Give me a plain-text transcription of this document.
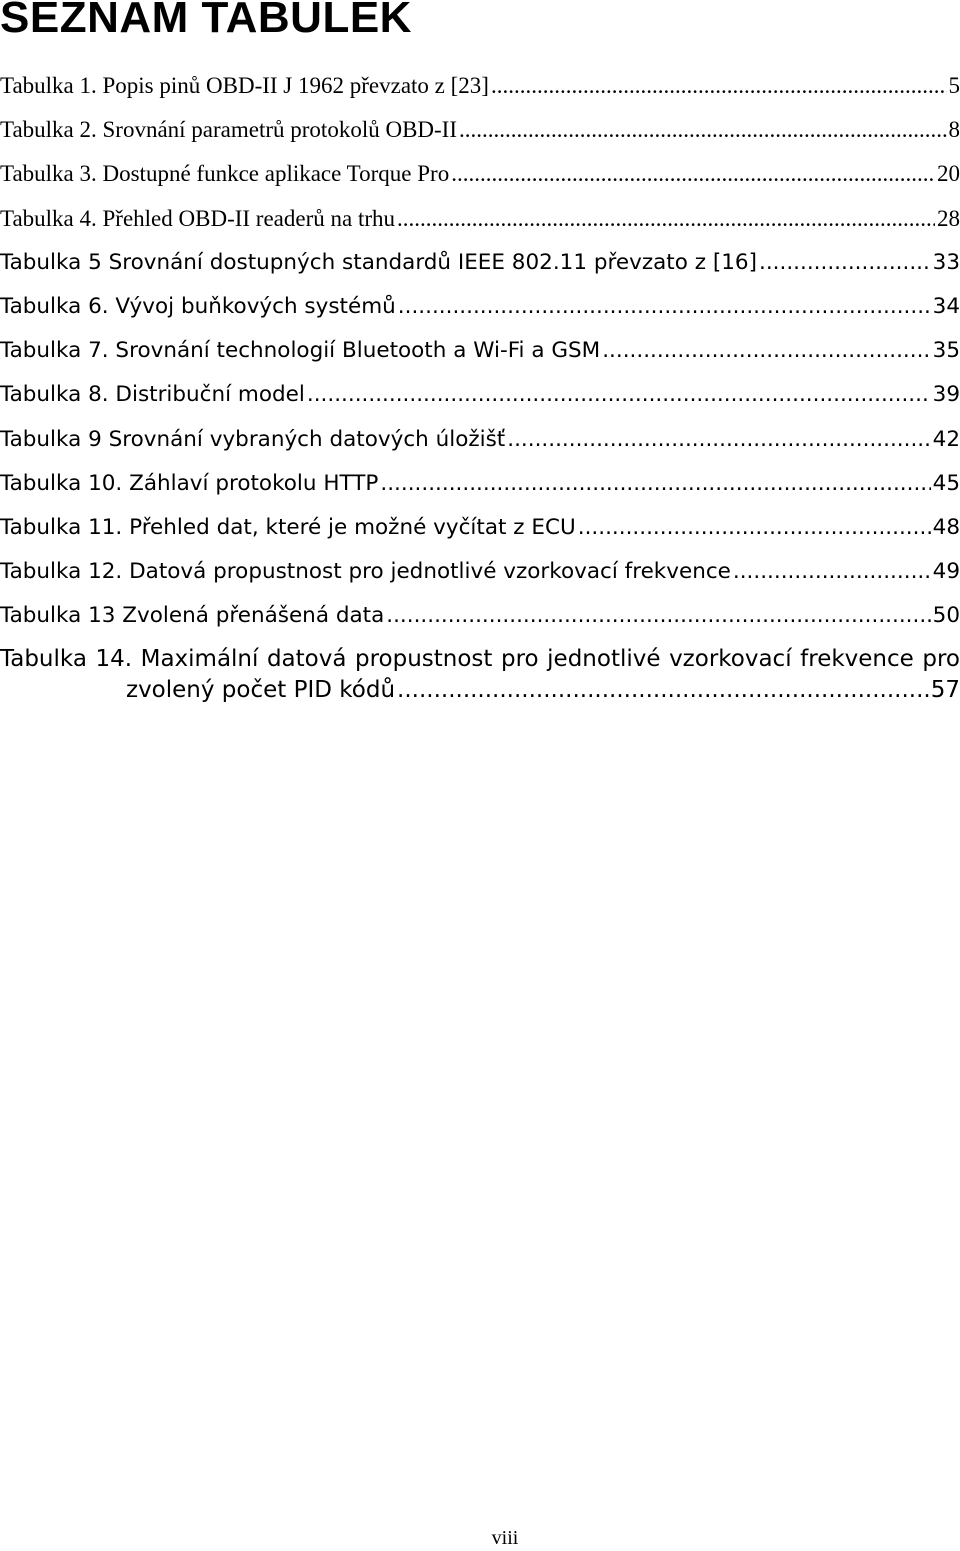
SEZNAM TABULEK
Tabulka 1. Popis pinů OBD-II J 1962 převzato z [23] .....	5
Tabulka 2. Srovnání parametrů protokolů OBD-II .....	8
Tabulka 3. Dostupné funkce aplikace Torque Pro .....	20
Tabulka 4. Přehled OBD-II readerů na trhu .....	28
Tabulka 5 Srovnání dostupných standardů IEEE 802.11 převzato z [16] .....	33
Tabulka 6. Vývoj buňkových systémů .....	34
Tabulka 7. Srovnání technologií Bluetooth a Wi-Fi a GSM .....	35
Tabulka 8. Distribuční model .....	39
Tabulka 9 Srovnání vybraných datových úložišť .....	42
Tabulka 10. Záhlaví protokolu HTTP .....	45
Tabulka 11. Přehled dat, které je možné vyčítat z ECU .....	48
Tabulka 12. Datová propustnost pro jednotlivé vzorkovací frekvence .....	49
Tabulka 13 Zvolená přenášená data .....	50
Tabulka 14. Maximální datová propustnost pro jednotlivé vzorkovací frekvence pro
zvolený počet PID kódů .....	57
viii
